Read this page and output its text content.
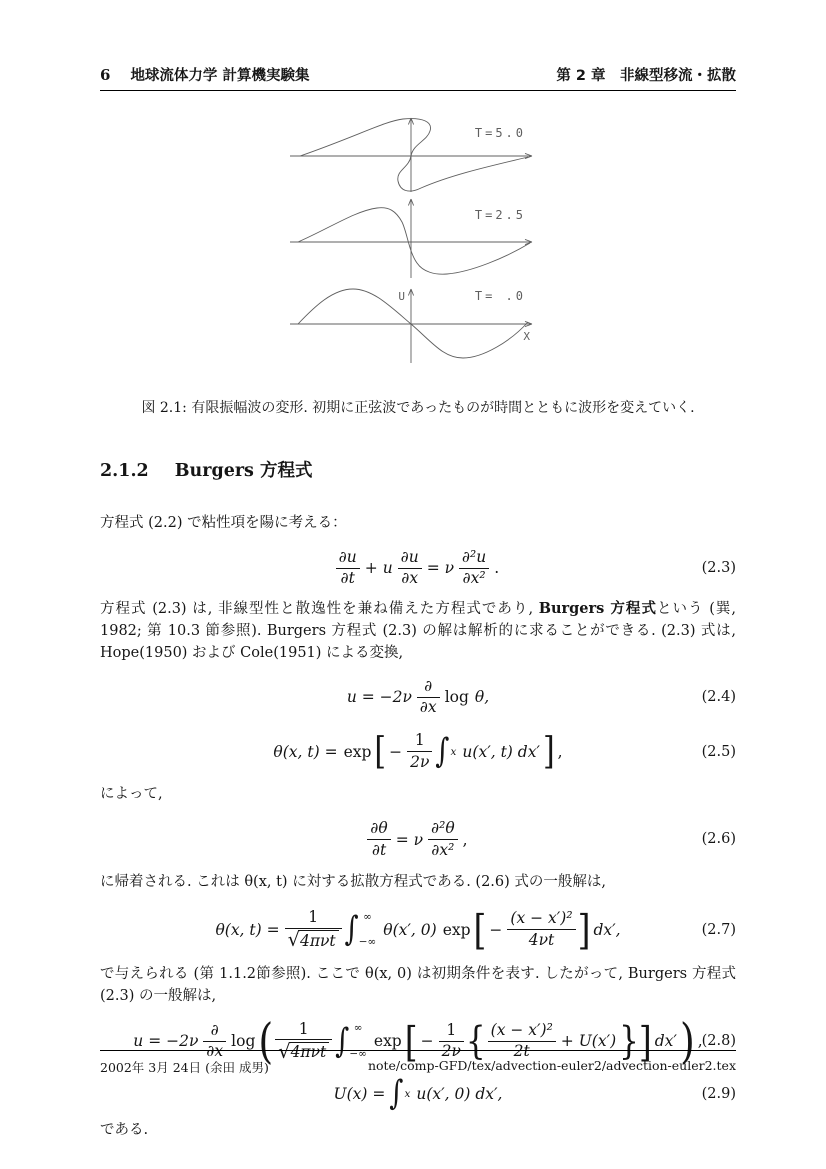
6 地球流体力学 計算機実験集	第 2 章　非線型移流・拡散
T=5.0
T=2.5
T= .0
U
X
図 2.1: 有限振幅波の変形. 初期に正弦波であったものが時間とともに波形を変えていく.
2.1.2 Burgers 方程式

方程式 (2.2) で粘性項を陽に考える：

$\frac{\partial u}{\partial t} + u \frac{\partial u}{\partial x} = \nu \frac{\text{∂²u}}{\text{∂x²}}$ .	(2.3)

方程式 (2.3) は, 非線型性と散逸性を兼ね備えた方程式であり, Burgers 方程式という (巽, 1982; 第 10.3 節参照). Burgers 方程式 (2.3) の解は解析的に求ることができる. (2.3) 式は, Hope(1950) および Cole(1951) による変換,

$u = -2\nu \frac{\partial}{\partial x}$ log θ,	(2.4)
θ(x, t) = exp [ − $\frac{1}{2\nu}$ ∫ x u(x′, t) dx′ ] ,	(2.5)

によって,

$\frac{\partial\theta}{\partial t} = \nu \frac{\text{∂²θ}}{\text{∂x²}}$ ,	(2.6)

に帰着される. これは θ(x, t) に対する拡散方程式である. (2.6) 式の一般解は,

θ(x, $t) = \frac{1}{\text{√ 4πνt}}$ ∫ ∞
−∞
θ(x′, 0) exp [ − $\frac{\text{(x − x′)²}}{4\nu t}$ ] dx′,	(2.7)

で与えられる (第 1.1.2節参照). ここで θ(x, 0) は初期条件を表す. したがって, Burgers 方程式 (2.3) の一般解は,

$u = -2\nu \frac{\partial}{\partial x}$ log ( $\frac{1}{\text{√ 4πνt}}$ ∫ ∞
−∞
exp [ − $\frac{1}{2\nu}$ { $\frac{\text{(x − x′)²}}{2t} + U(x')$ } ] dx′ ) ,
(2.8)
U(x) = ∫ x u(x′, 0) dx′,	(2.9)

である.

2002年 3月 24日 (余田 成男)	note/comp-GFD/tex/advection-euler2/advection-euler2.tex
